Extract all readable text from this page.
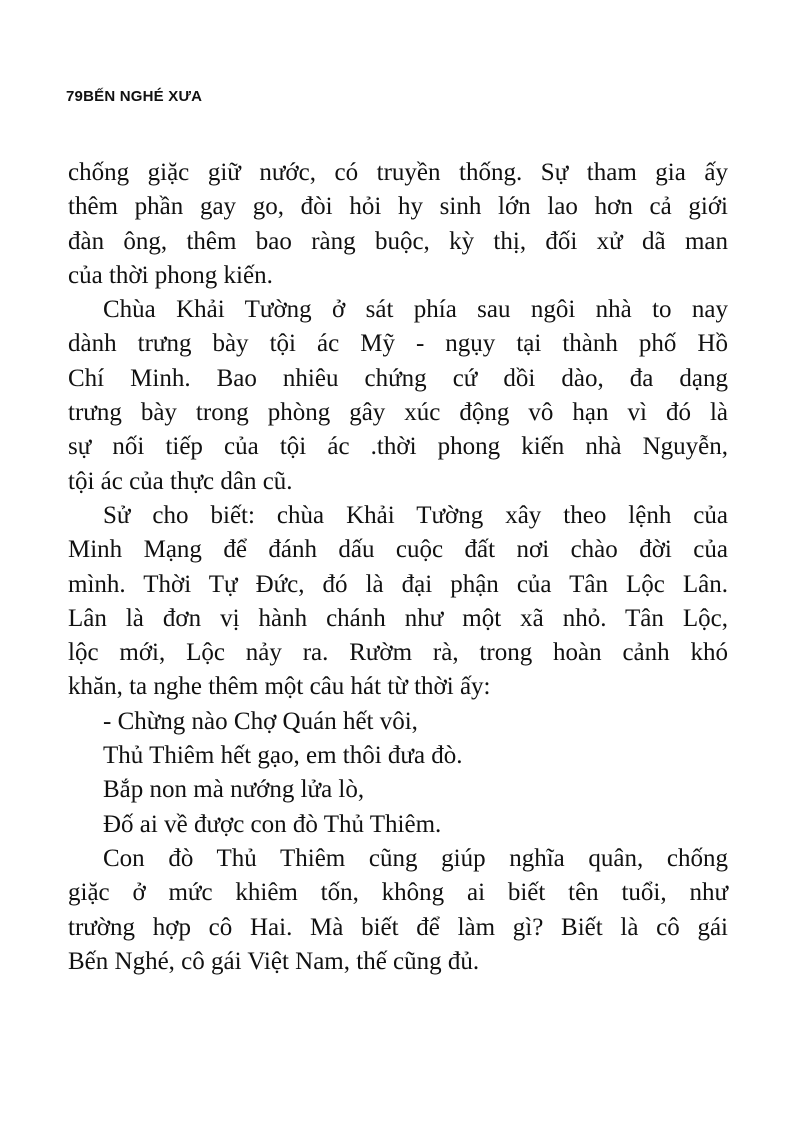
79BẾN NGHÉ XƯA
chống giặc giữ nước, có truyền thống. Sự tham gia ấy
thêm phần gay go, đòi hỏi hy sinh lớn lao hơn cả giới
đàn ông, thêm bao ràng buộc, kỳ thị, đối xử dã man
của thời phong kiến.
Chùa Khải Tường ở sát phía sau ngôi nhà to nay
dành trưng bày tội ác Mỹ - ngụy tại thành phố Hồ
Chí Minh. Bao nhiêu chứng cứ dồi dào, đa dạng
trưng bày trong phòng gây xúc động vô hạn vì đó là
sự nối tiếp của tội ác .thời phong kiến nhà Nguyễn,
tội ác của thực dân cũ.
Sử cho biết: chùa Khải Tường xây theo lệnh của
Minh Mạng để đánh dấu cuộc đất nơi chào đời của
mình. Thời Tự Đức, đó là đại phận của Tân Lộc Lân.
Lân là đơn vị hành chánh như một xã nhỏ. Tân Lộc,
lộc mới, Lộc nảy ra. Rườm rà, trong hoàn cảnh khó
khăn, ta nghe thêm một câu hát từ thời ấy:
- Chừng nào Chợ Quán hết vôi,
Thủ Thiêm hết gạo, em thôi đưa đò.
Bắp non mà nướng lửa lò,
Đố ai về được con đò Thủ Thiêm.
Con đò Thủ Thiêm cũng giúp nghĩa quân, chống
giặc ở mức khiêm tốn, không ai biết tên tuổi, như
trường hợp cô Hai. Mà biết để làm gì? Biết là cô gái
Bến Nghé, cô gái Việt Nam, thế cũng đủ.
